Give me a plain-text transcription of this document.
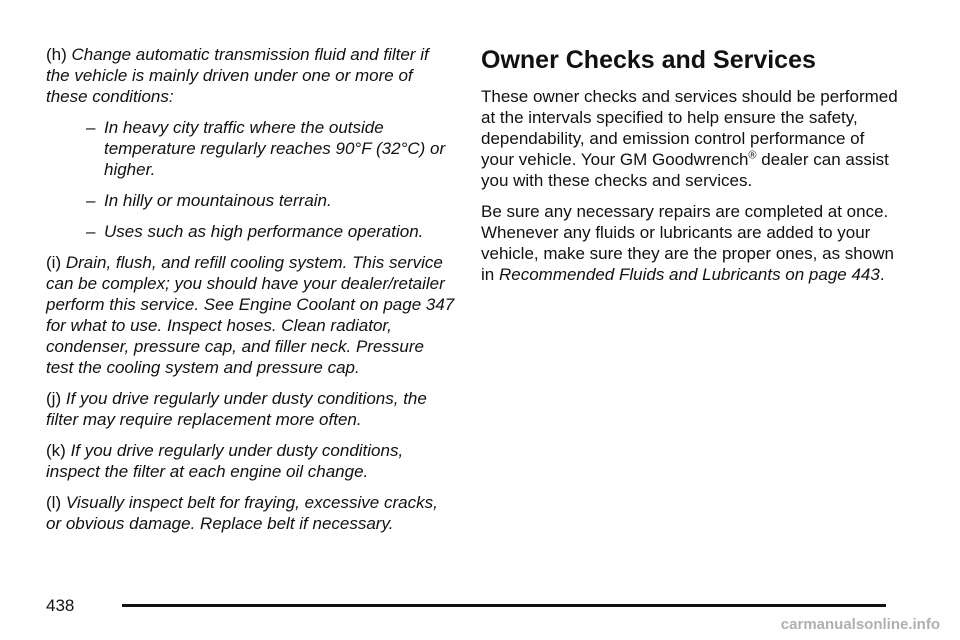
(h) Change automatic transmission fluid and filter if the vehicle is mainly driven under one or more of these conditions:

– In heavy city traffic where the outside temperature regularly reaches 90°F (32°C) or higher.
– In hilly or mountainous terrain.
– Uses such as high performance operation.

(i) Drain, flush, and refill cooling system. This service can be complex; you should have your dealer/retailer perform this service. See Engine Coolant on page 347 for what to use. Inspect hoses. Clean radiator, condenser, pressure cap, and filler neck. Pressure test the cooling system and pressure cap.

(j) If you drive regularly under dusty conditions, the filter may require replacement more often.

(k) If you drive regularly under dusty conditions, inspect the filter at each engine oil change.

(l) Visually inspect belt for fraying, excessive cracks, or obvious damage. Replace belt if necessary.

Owner Checks and Services

These owner checks and services should be performed at the intervals specified to help ensure the safety, dependability, and emission control performance of your vehicle. Your GM Goodwrench® dealer can assist you with these checks and services.

Be sure any necessary repairs are completed at once. Whenever any fluids or lubricants are added to your vehicle, make sure they are the proper ones, as shown in Recommended Fluids and Lubricants on page 443.

438
carmanualsonline.info
